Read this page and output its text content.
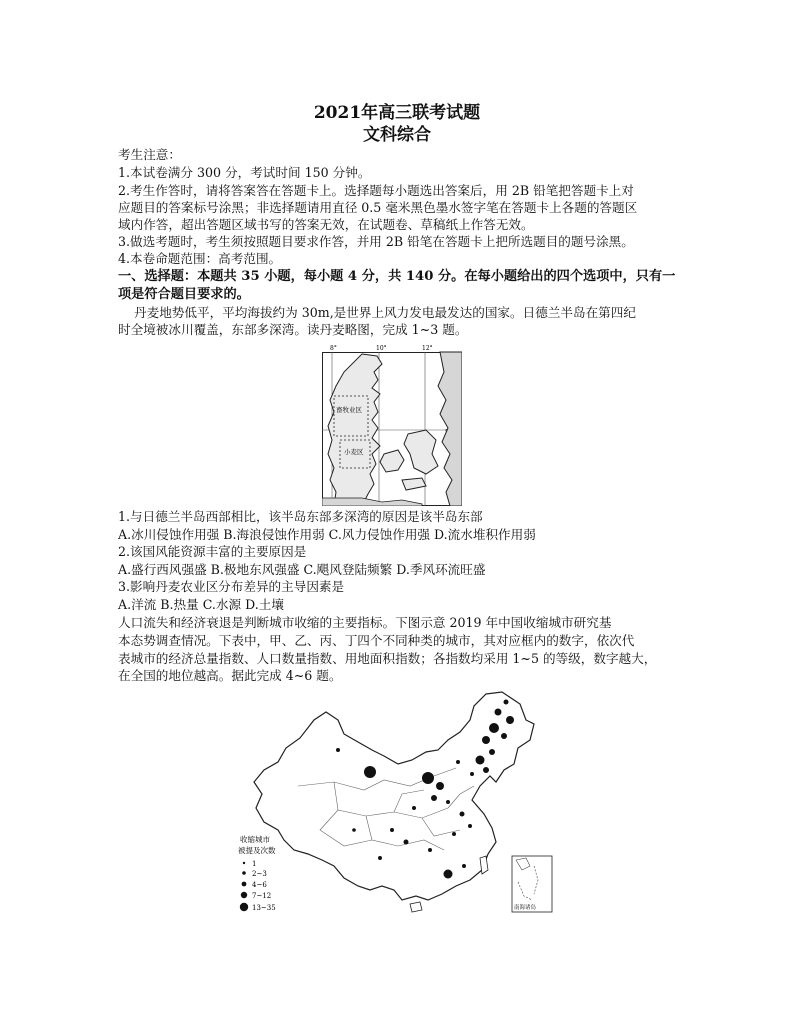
2021年高三联考试题
文科综合
考生注意：
1.本试卷满分 300 分，考试时间 150 分钟。
2.考生作答时，请将答案答在答题卡上。选择题每小题选出答案后，用 2B 铅笔把答题卡上对
应题目的答案标号涂黑；非选择题请用直径 0.5 毫米黑色墨水签字笔在答题卡上各题的答题区
域内作答，超出答题区域书写的答案无效，在试题卷、草稿纸上作答无效。
3.做选考题时，考生须按照题目要求作答，并用 2B 铅笔在答题卡上把所选题目的题号涂黑。
4.本卷命题范围：高考范围。
一、选择题：本题共 35 小题，每小题 4 分，共 140 分。在每小题给出的四个选项中，只有一
项是符合题目要求的。
丹麦地势低平，平均海拔约为 30m,是世界上风力发电最发达的国家。日德兰半岛在第四纪
时全境被冰川覆盖，东部多深湾。读丹麦略图，完成 1~3 题。
8°	10°	12°
畜牧业区
小麦区
1.与日德兰半岛西部相比，该半岛东部多深湾的原因是该半岛东部
A.冰川侵蚀作用强 B.海浪侵蚀作用弱 C.风力侵蚀作用强 D.流水堆积作用弱
2.该国风能资源丰富的主要原因是
A.盛行西风强盛 B.极地东风强盛 C.飓风登陆频繁 D.季风环流旺盛
3.影响丹麦农业区分布差异的主导因素是
A.洋流 B.热量 C.水源 D.土壤
人口流失和经济衰退是判断城市收缩的主要指标。下图示意 2019 年中国收缩城市研究基
本态势调查情况。下表中，甲、乙、丙、丁四个不同种类的城市，其对应框内的数字，依次代
表城市的经济总量指数、人口数量指数、用地面积指数；各指数均采用 1~5 的等级，数字越大，
在全国的地位越高。据此完成 4~6 题。
收缩城市
被提及次数
1
2~3
4~6
7~12
13~35	南海诸岛
